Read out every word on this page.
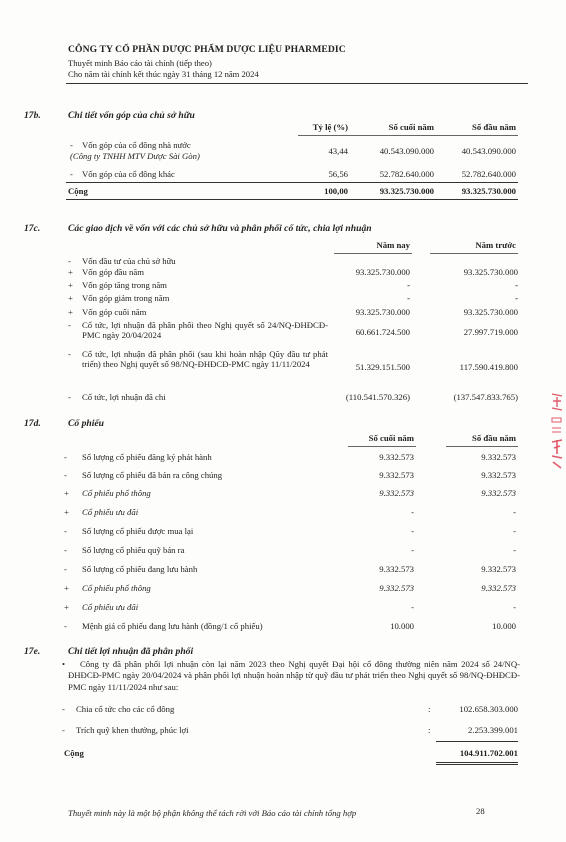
CÔNG TY CỔ PHẦN DƯỢC PHẨM DƯỢC LIỆU PHARMEDIC
Thuyết minh Báo cáo tài chính (tiếp theo)
Cho năm tài chính kết thúc ngày 31 tháng 12 năm 2024
17b.	Chi tiết vốn góp của chủ sở hữu
Tỷ lệ (%)	Số cuối năm	Số đầu năm
- Vốn góp của cổ đông nhà nước
(Công ty TNHH MTV Dược Sài Gòn)	43,44	40.543.090.000	40.543.090.000
- Vốn góp của cổ đông khác	56,56	52.782.640.000	52.782.640.000
Cộng	100,00	93.325.730.000	93.325.730.000
17c.	Các giao dịch về vốn với các chủ sở hữu và phân phối cổ tức, chia lợi nhuận
Năm nay	Năm trước
- Vốn đầu tư của chủ sở hữu
+ Vốn góp đầu năm	93.325.730.000	93.325.730.000
+ Vốn góp tăng trong năm	-	-
+ Vốn góp giảm trong năm	-	-
+ Vốn góp cuối năm	93.325.730.000	93.325.730.000
- Cổ tức, lợi nhuận đã phân phối theo Nghị quyết số 24/NQ-ĐHĐCĐ-PMC ngày 20/04/2024	60.661.724.500	27.997.719.000
- Cổ tức, lợi nhuận đã phân phối (sau khi hoàn nhập Qũy đầu tư phát triển) theo Nghị quyết số 98/NQ-ĐHĐCĐ-PMC ngày 11/11/2024	51.329.151.500	117.590.419.800
- Cổ tức, lợi nhuận đã chi	(110.541.570.326)	(137.547.833.765)
17d.	Cổ phiếu
Số cuối năm	Số đầu năm
- Số lượng cổ phiếu đăng ký phát hành	9.332.573	9.332.573
- Số lượng cổ phiếu đã bán ra công chúng	9.332.573	9.332.573
+ Cổ phiếu phổ thông	9.332.573	9.332.573
+ Cổ phiếu ưu đãi	-	-
- Số lượng cổ phiếu được mua lại	-	-
- Số lượng cổ phiếu quỹ bán ra	-	-
- Số lượng cổ phiếu đang lưu hành	9.332.573	9.332.573
+ Cổ phiếu phổ thông	9.332.573	9.332.573
+ Cổ phiếu ưu đãi	-	-
- Mệnh giá cổ phiếu đang lưu hành (đồng/1 cổ phiếu)	10.000	10.000
17e.	Chi tiết lợi nhuận đã phân phối
•	Công ty đã phân phối lợi nhuận còn lại năm 2023 theo Nghị quyết Đại hội cổ đông thường niên năm 2024 số 24/NQ-ĐHĐCĐ-PMC ngày 20/04/2024 và phân phối lợi nhuận hoàn nhập từ quỹ đầu tư phát triển theo Nghị quyết số 98/NQ-ĐHĐCĐ-PMC ngày 11/11/2024 như sau:
- Chia cổ tức cho các cổ đông	:	102.658.303.000
- Trích quỹ khen thưởng, phúc lợi	:	2.253.399.001
Cộng	104.911.702.001
Thuyết minh này là một bộ phận không thể tách rời với Báo cáo tài chính tổng hợp	28
